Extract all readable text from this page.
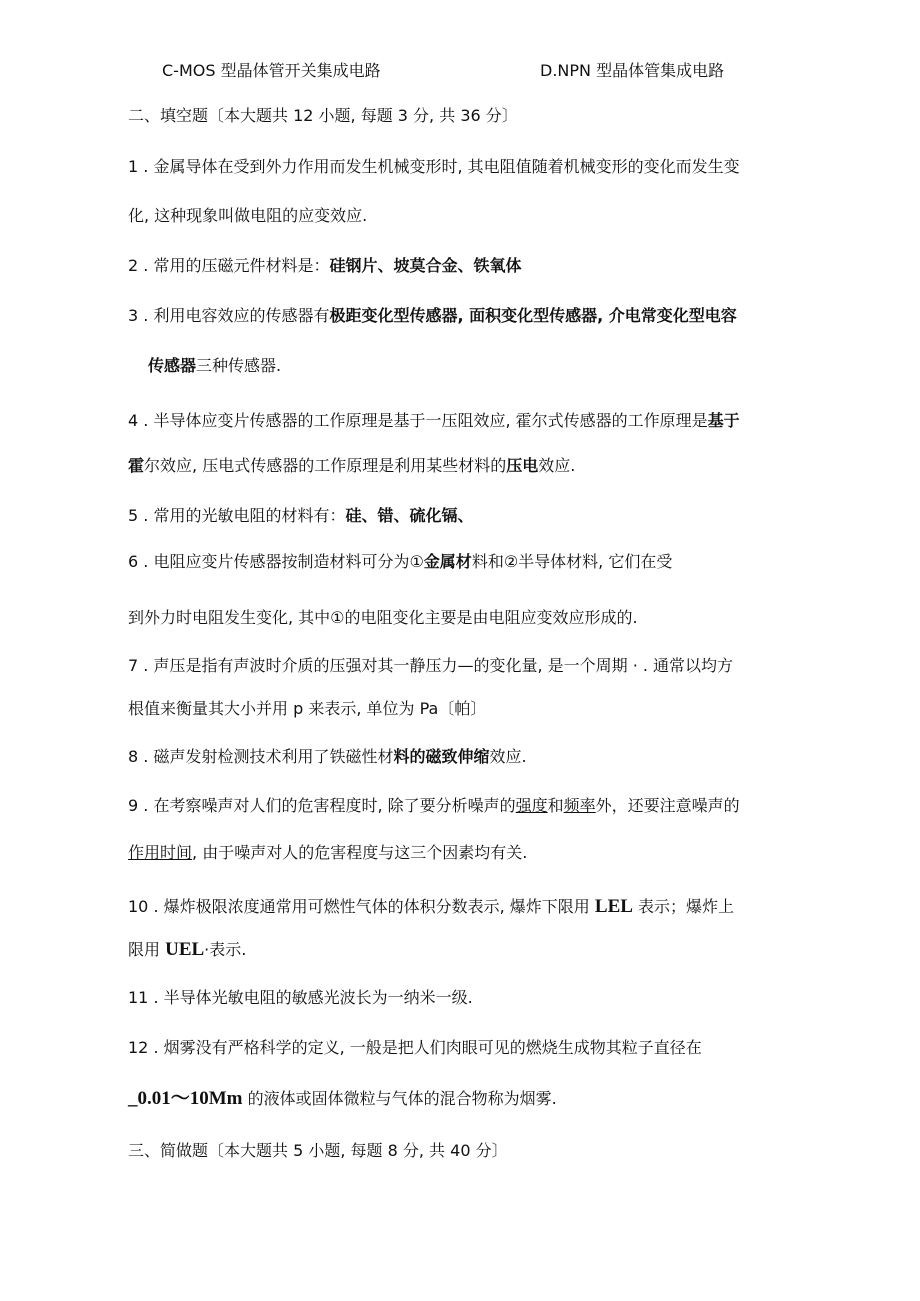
C-MOS 型晶体管开关集成电路	D.NPN 型晶体管集成电路
二、填空题〔本大题共 12 小题, 每题 3 分, 共 36 分〕
1 . 金属导体在受到外力作用而发生机械变形时, 其电阻值随着机械变形的变化而发生变
化, 这种现象叫做电阻的应变效应.
2 . 常用的压磁元件材料是：硅钢片、坡莫合金、铁氧体
3 . 利用电容效应的传感器有极距变化型传感器, 面积变化型传感器, 介电常变化型电容
传感器三种传感器.
4 . 半导体应变片传感器的工作原理是基于一压阻效应, 霍尔式传感器的工作原理是基于
霍尔效应, 压电式传感器的工作原理是利用某些材料的压电效应.
5 . 常用的光敏电阻的材料有：硅、错、硫化镉、
6 . 电阻应变片传感器按制造材料可分为①金属材料和②半导体材料, 它们在受
到外力时电阻发生变化, 其中①的电阻变化主要是由电阻应变效应形成的.
7 . 声压是指有声波时介质的压强对其一静压力—的变化量, 是一个周期 · . 通常以均方
根值来衡量其大小并用 p 来表示, 单位为 Pa〔帕〕
8 . 磁声发射检测技术利用了铁磁性材料的磁致伸缩效应.
9 . 在考察噪声对人们的危害程度时, 除了要分析噪声的强度和频率外，还要注意噪声的
作用时间, 由于噪声对人的危害程度与这三个因素均有关.
10 . 爆炸极限浓度通常用可燃性气体的体积分数表示, 爆炸下限用 LEL 表示；爆炸上
限用 UEL·表示.
11 . 半导体光敏电阻的敏感光波长为一纳米一级.
12 . 烟雾没有严格科学的定义, 一般是把人们肉眼可见的燃烧生成物其粒子直径在
_0.01～10Mm 的液体或固体微粒与气体的混合物称为烟雾.
三、简做题〔本大题共 5 小题, 每题 8 分, 共 40 分〕
